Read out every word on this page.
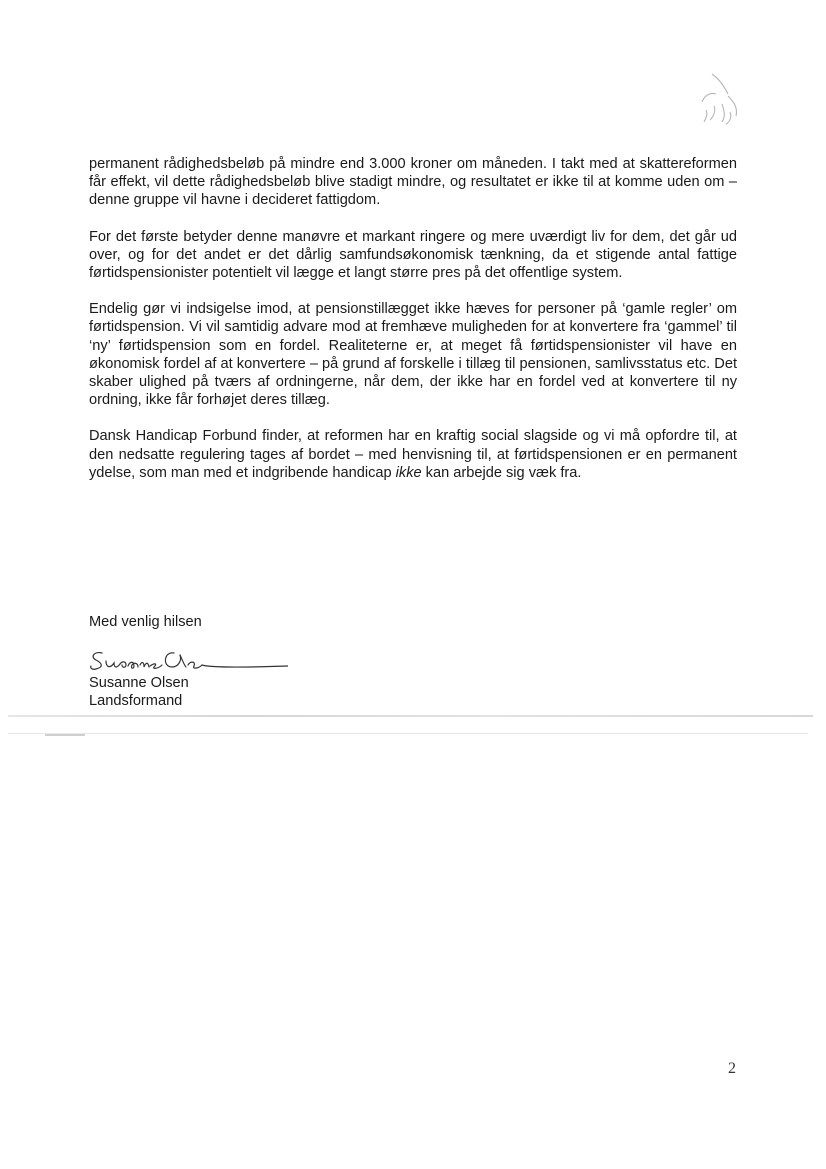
permanent rådighedsbeløb på mindre end 3.000 kroner om måneden. I takt med at skattereformen får effekt, vil dette rådighedsbeløb blive stadigt mindre, og resultatet er ikke til at komme uden om – denne gruppe vil havne i decideret fattigdom.

For det første betyder denne manøvre et markant ringere og mere uværdigt liv for dem, det går ud over, og for det andet er det dårlig samfundsøkonomisk tænkning, da et stigende antal fattige førtidspensionister potentielt vil lægge et langt større pres på det offentlige system.

Endelig gør vi indsigelse imod, at pensionstillægget ikke hæves for personer på ‘gamle regler’ om førtidspension. Vi vil samtidig advare mod at fremhæve muligheden for at konvertere fra ‘gammel’ til ‘ny’ førtidspension som en fordel. Realiteterne er, at meget få førtidspensionister vil have en økonomisk fordel af at konvertere – på grund af forskelle i tillæg til pensionen, samlivsstatus etc. Det skaber ulighed på tværs af ordningerne, når dem, der ikke har en fordel ved at konvertere til ny ordning, ikke får forhøjet deres tillæg.

Dansk Handicap Forbund finder, at reformen har en kraftig social slagside og vi må opfordre til, at den nedsatte regulering tages af bordet – med henvisning til, at førtidspensionen er en permanent ydelse, som man med et indgribende handicap ikke kan arbejde sig væk fra.

Med venlig hilsen
Susanne Olsen
Landsformand
2
